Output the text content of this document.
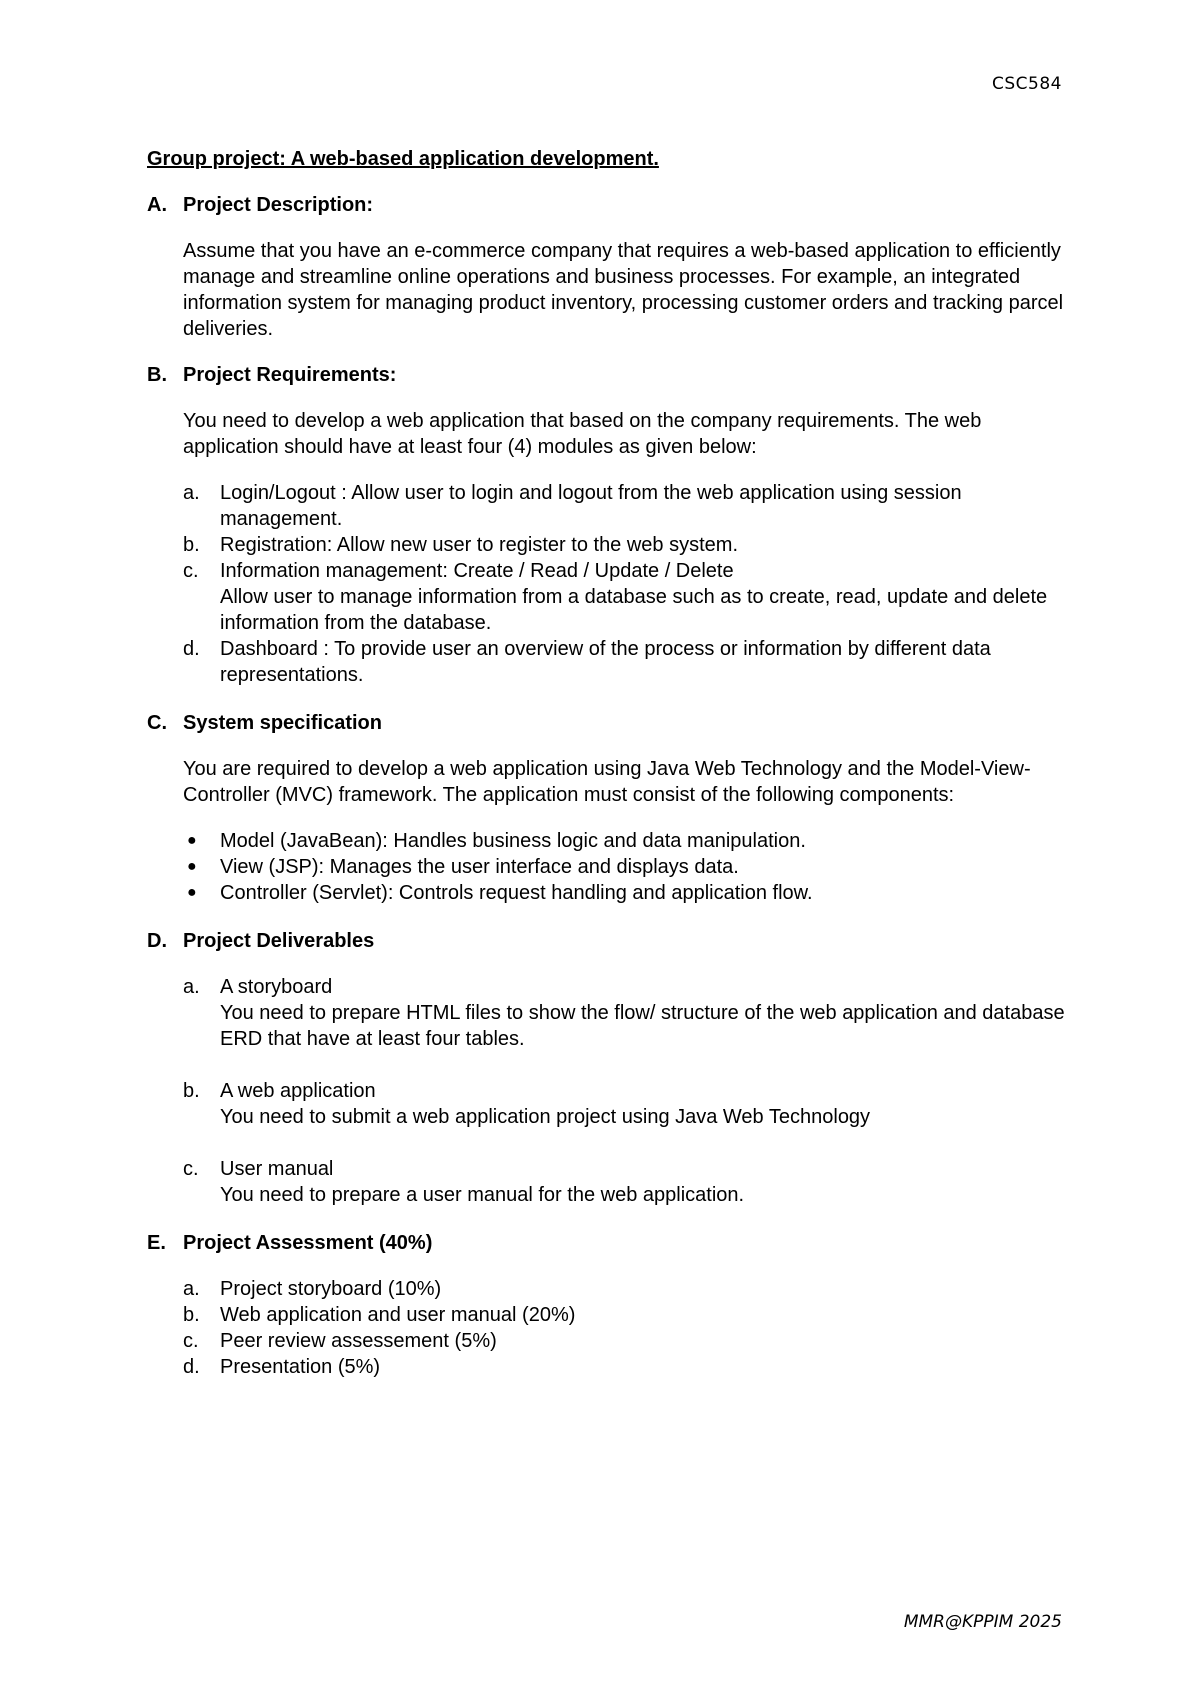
CSC584
Group project: A web-based application development.
A. Project Description:

Assume that you have an e-commerce company that requires a web-based application to efficiently manage and streamline online operations and business processes. For example, an integrated information system for managing product inventory, processing customer orders and tracking parcel deliveries.

B. Project Requirements:

You need to develop a web application that based on the company requirements. The web application should have at least four (4) modules as given below:

a. Login/Logout : Allow user to login and logout from the web application using session management.
b. Registration: Allow new user to register to the web system.
c. Information management: Create / Read / Update / Delete
Allow user to manage information from a database such as to create, read, update and delete information from the database.
d. Dashboard : To provide user an overview of the process or information by different data representations.
C. System specification

You are required to develop a web application using Java Web Technology and the Model-View-Controller (MVC) framework. The application must consist of the following components:

● Model (JavaBean): Handles business logic and data manipulation.
● View (JSP): Manages the user interface and displays data.
● Controller (Servlet): Controls request handling and application flow.
D. Project Deliverables
a. A storyboard
You need to prepare HTML files to show the flow/ structure of the web application and database ERD that have at least four tables.
b. A web application
You need to submit a web application project using Java Web Technology
c. User manual
You need to prepare a user manual for the web application.
E. Project Assessment (40%)
a. Project storyboard (10%)
b. Web application and user manual (20%)
c. Peer review assessement (5%)
d. Presentation (5%)
MMR@KPPIM 2025
